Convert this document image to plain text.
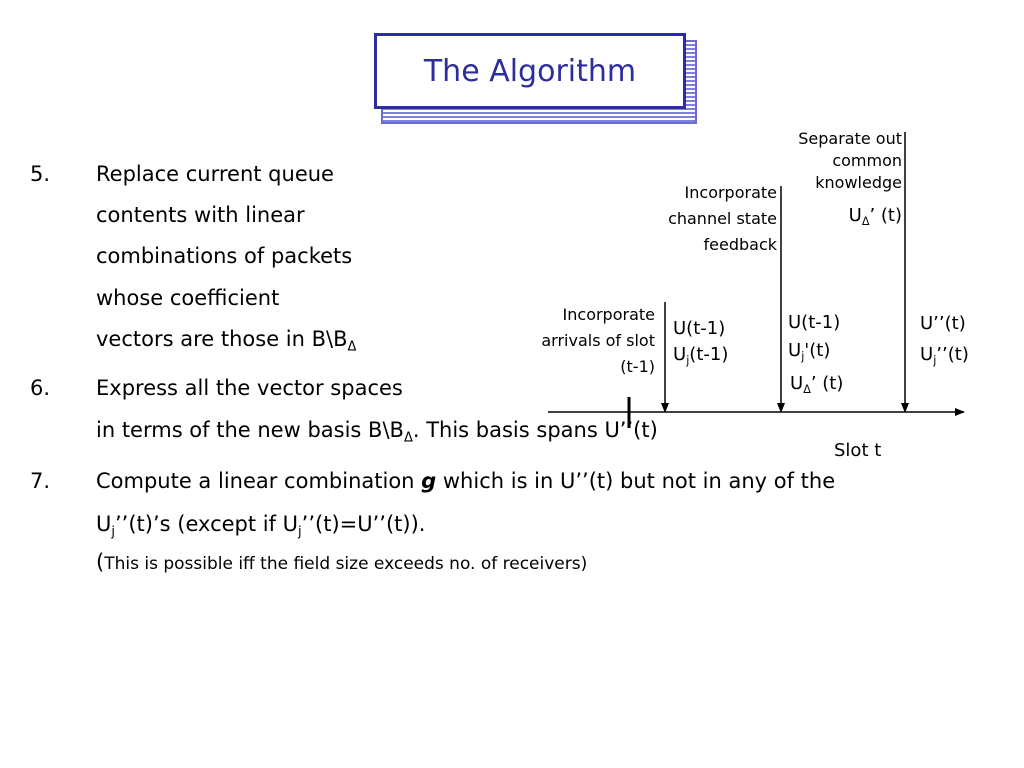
The Algorithm
5. Replace current queue
contents with linear
combinations of packets
whose coefficient
vectors are those in $B\backslash B_\Delta$
6. Express all the vector spaces
in terms of the new basis $B\backslash B_\Delta$. This basis spans U’’(t)
7. Compute a linear combination g which is in U’’(t) but not in any of the
$U_j’’(t)’s$ (except if $U_j’’(t)=U’’(t)$).
(This is possible iff the field size exceeds no. of receivers)
Incorporate
arrivals of slot
(t-1)
Incorporate
channel state
feedback
Separate out
common
knowledge
$U_\Delta$’ (t)
U(t-1)
$U_j(t-1)$
U(t-1)
$U_j'(t)$
$U_\Delta$’ (t)
U’’(t)
$U_j’’(t)$
Slot t
